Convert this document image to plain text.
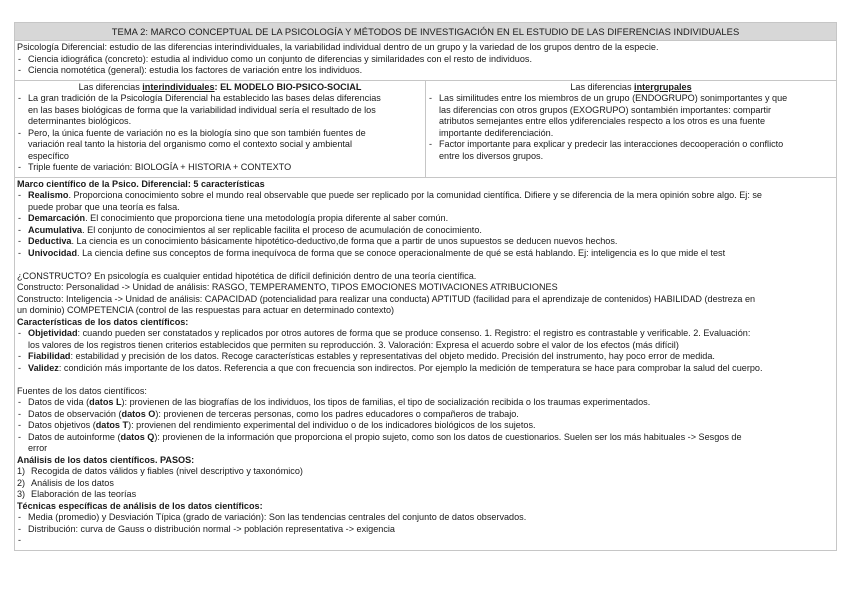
TEMA 2: MARCO CONCEPTUAL DE LA PSICOLOGÍA Y MÉTODOS DE INVESTIGACIÓN EN EL ESTUDIO DE LAS DIFERENCIAS INDIVIDUALES

Psicología Diferencial: estudio de las diferencias interindividuales, la variabilidad individual dentro de un grupo y la variedad de los grupos dentro de la especie.
- Ciencia idiográfica (concreto): estudia al individuo como un conjunto de diferencias y similaridades con el resto de individuos.
- Ciencia nomotética (general): estudia los factores de variación entre los individuos.

Las diferencias interindividuales: EL MODELO BIO-PSICO-SOCIAL
- La gran tradición de la Psicología Diferencial ha establecido las bases delas diferencias
en las bases biológicas de forma que la variabilidad individual sería el resultado de los
determinantes biológicos.
- Pero, la única fuente de variación no es la biología sino que son también fuentes de
variación real tanto la historia del organismo como el contexto social y ambiental
específico
- Triple fuente de variación: BIOLOGÍA + HISTORIA + CONTEXTO

Las diferencias intergrupales
- Las similitudes entre los miembros de un grupo (ENDOGRUPO) sonimportantes y que
las diferencias con otros grupos (EXOGRUPO) sontambién importantes: compartir
atributos semejantes entre ellos ydiferenciales respecto a los otros es una fuente
importante dediferenciación.
- Factor importante para explicar y predecir las interacciones decooperación o conflicto
entre los diversos grupos.

Marco científico de la Psico. Diferencial: 5 características
- Realismo. Proporciona conocimiento sobre el mundo real observable que puede ser replicado por la comunidad científica. Difiere y se diferencia de la mera opinión sobre algo. Ej: se
puede probar que una teoría es falsa.
- Demarcación. El conocimiento que proporciona tiene una metodología propia diferente al saber común.
- Acumulativa. El conjunto de conocimientos al ser replicable facilita el proceso de acumulación de conocimiento.
- Deductiva. La ciencia es un conocimiento básicamente hipotético-deductivo,de forma que a partir de unos supuestos se deducen nuevos hechos.
- Univocidad. La ciencia define sus conceptos de forma inequívoca de forma que se conoce operacionalmente de qué se está hablando. Ej: inteligencia es lo que mide el test
¿CONSTRUCTO? En psicología es cualquier entidad hipotética de difícil definición dentro de una teoría científica.
Constructo: Personalidad -> Unidad de análisis: RASGO, TEMPERAMENTO, TIPOS EMOCIONES MOTIVACIONES ATRIBUCIONES
Constructo: Inteligencia -> Unidad de análisis: CAPACIDAD (potencialidad para realizar una conducta) APTITUD (facilidad para el aprendizaje de contenidos) HABILIDAD (destreza en
un dominio) COMPETENCIA (control de las respuestas para actuar en determinado contexto)
Características de los datos científicos:
- Objetividad: cuando pueden ser constatados y replicados por otros autores de forma que se produce consenso. 1. Registro: el registro es contrastable y verificable. 2. Evaluación:
los valores de los registros tienen criterios establecidos que permiten su reproducción. 3. Valoración: Expresa el acuerdo sobre el valor de los efectos (más difícil)
- Fiabilidad: estabilidad y precisión de los datos. Recoge características estables y representativas del objeto medido. Precisión del instrumento, hay poco error de medida.
- Validez: condición más importante de los datos. Referencia a que con frecuencia son indirectos. Por ejemplo la medición de temperatura se hace para comprobar la salud del cuerpo.
Fuentes de los datos científicos:
- Datos de vida (datos L): provienen de las biografías de los individuos, los tipos de familias, el tipo de socialización recibida o los traumas experimentados.
- Datos de observación (datos O): provienen de terceras personas, como los padres educadores o compañeros de trabajo.
- Datos objetivos (datos T): provienen del rendimiento experimental del individuo o de los indicadores biológicos de los sujetos.
- Datos de autoinforme (datos Q): provienen de la información que proporciona el propio sujeto, como son los datos de cuestionarios. Suelen ser los más habituales -> Sesgos de
error
Análisis de los datos científicos. PASOS:
1) Recogida de datos válidos y fiables (nivel descriptivo y taxonómico)
2) Análisis de los datos
3) Elaboración de las teorías
Técnicas específicas de análisis de los datos científicos:
- Media (promedio) y Desviación Típica (grado de variación): Son las tendencias centrales del conjunto de datos observados.
- Distribución: curva de Gauss o distribución normal -> población representativa -> exigencia
-
